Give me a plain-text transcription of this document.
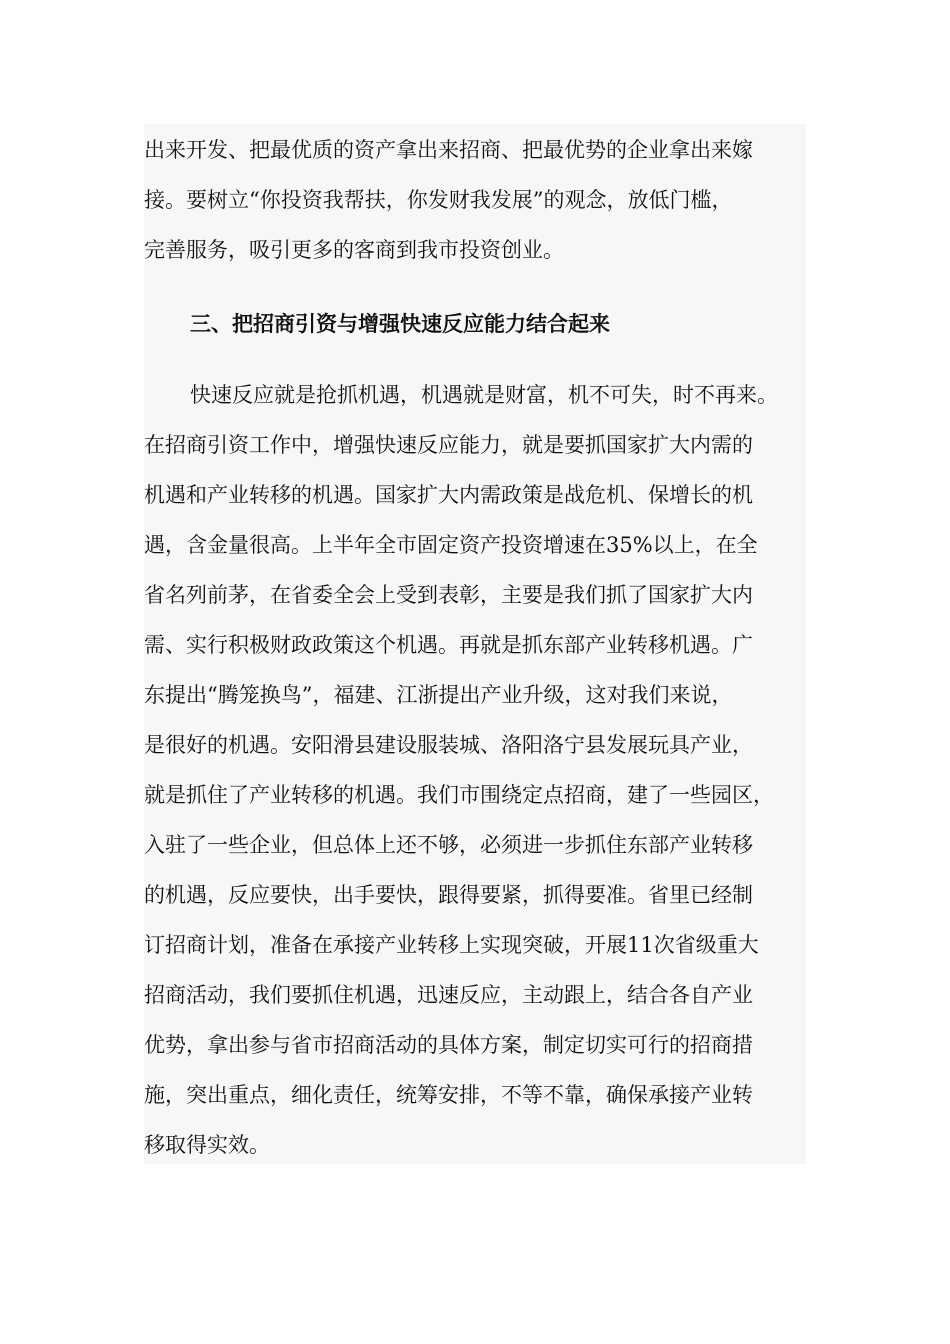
出来开发、把最优质的资产拿出来招商、把最优势的企业拿出来嫁
接。要树立“你投资我帮扶，你发财我发展”的观念，放低门槛，
完善服务，吸引更多的客商到我市投资创业。
三、把招商引资与增强快速反应能力结合起来
快速反应就是抢抓机遇，机遇就是财富，机不可失，时不再来。
在招商引资工作中，增强快速反应能力，就是要抓国家扩大内需的
机遇和产业转移的机遇。国家扩大内需政策是战危机、保增长的机
遇，含金量很高。上半年全市固定资产投资增速在35%以上，在全
省名列前茅，在省委全会上受到表彰，主要是我们抓了国家扩大内
需、实行积极财政政策这个机遇。再就是抓东部产业转移机遇。广
东提出“腾笼换鸟”，福建、江浙提出产业升级，这对我们来说，
是很好的机遇。安阳滑县建设服装城、洛阳洛宁县发展玩具产业，
就是抓住了产业转移的机遇。我们市围绕定点招商，建了一些园区，
入驻了一些企业，但总体上还不够，必须进一步抓住东部产业转移
的机遇，反应要快，出手要快，跟得要紧，抓得要准。省里已经制
订招商计划，准备在承接产业转移上实现突破，开展11次省级重大
招商活动，我们要抓住机遇，迅速反应，主动跟上，结合各自产业
优势，拿出参与省市招商活动的具体方案，制定切实可行的招商措
施，突出重点，细化责任，统筹安排，不等不靠，确保承接产业转
移取得实效。
